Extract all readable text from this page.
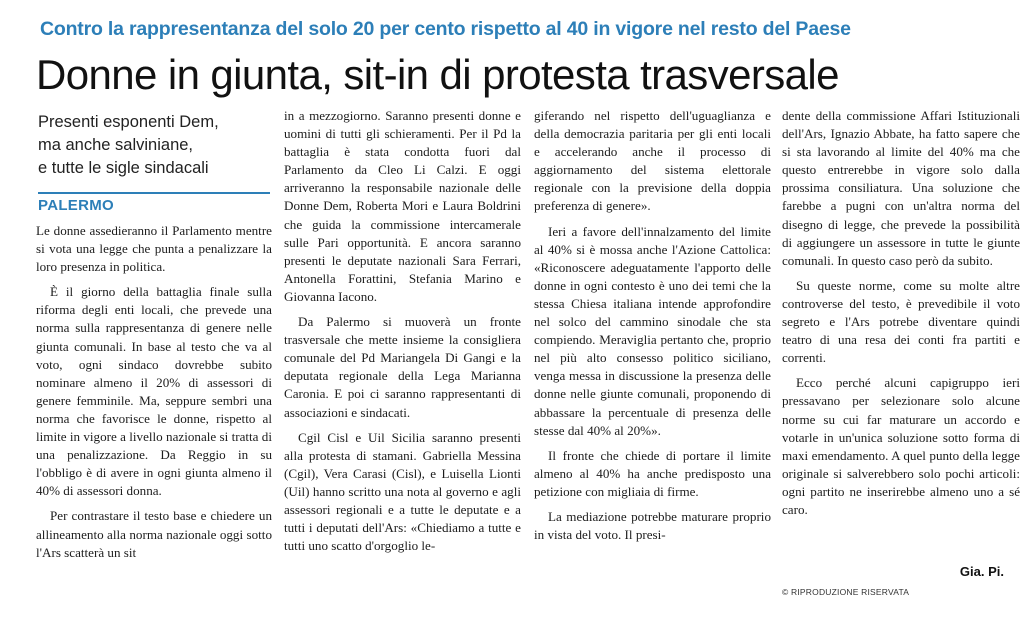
Contro la rappresentanza del solo 20 per cento rispetto al 40 in vigore nel resto del Paese
Donne in giunta, sit-in di protesta trasversale
Presenti esponenti Dem,
ma anche salviniane,
e tutte le sigle sindacali
PALERMO

Le donne assedieranno il Parlamento mentre si vota una legge che punta a penalizzare la loro presenza in politica.

È il giorno della battaglia finale sulla riforma degli enti locali, che prevede una norma sulla rappresentanza di genere nelle giunta comunali. In base al testo che va al voto, ogni sindaco dovrebbe subito nominare almeno il 20% di assessori di genere femminile. Ma, seppure sembri una norma che favorisce le donne, rispetto al limite in vigore a livello nazionale si tratta di una penalizzazione. Da Reggio in su l'obbligo è di avere in ogni giunta almeno il 40% di assessori donna.

Per contrastare il testo base e chiedere un allineamento alla norma nazionale oggi sotto l'Ars scatterà un sit

in a mezzogiorno. Saranno presenti donne e uomini di tutti gli schieramenti. Per il Pd la battaglia è stata condotta fuori dal Parlamento da Cleo Li Calzi. E oggi arriveranno la responsabile nazionale delle Donne Dem, Roberta Mori e Laura Boldrini che guida la commissione intercamerale sulle Pari opportunità. E ancora saranno presenti le deputate nazionali Sara Ferrari, Antonella Forattini, Stefania Marino e Giovanna Iacono.

Da Palermo si muoverà un fronte trasversale che mette insieme la consigliera comunale del Pd Mariangela Di Gangi e la deputata regionale della Lega Marianna Caronia. E poi ci saranno rappresentanti di associazioni e sindacati.

Cgil Cisl e Uil Sicilia saranno presenti alla protesta di stamani. Gabriella Messina (Cgil), Vera Carasi (Cisl), e Luisella Lionti (Uil) hanno scritto una nota al governo e agli assessori regionali e a tutte le deputate e a tutti i deputati dell'Ars: «Chiediamo a tutte e tutti uno scatto d'orgoglio le-

giferando nel rispetto dell'uguaglianza e della democrazia paritaria per gli enti locali e accelerando anche il processo di aggiornamento del sistema elettorale regionale con la previsione della doppia preferenza di genere».

Ieri a favore dell'innalzamento del limite al 40% si è mossa anche l'Azione Cattolica: «Riconoscere adeguatamente l'apporto delle donne in ogni contesto è uno dei temi che la stessa Chiesa italiana intende approfondire nel solco del cammino sinodale che sta compiendo. Meraviglia pertanto che, proprio nel più alto consesso politico siciliano, venga messa in discussione la presenza delle donne nelle giunte comunali, proponendo di abbassare la percentuale di presenza delle stesse dal 40% al 20%».

Il fronte che chiede di portare il limite almeno al 40% ha anche predisposto una petizione con migliaia di firme.

La mediazione potrebbe maturare proprio in vista del voto. Il presi-

dente della commissione Affari Istituzionali dell'Ars, Ignazio Abbate, ha fatto sapere che si sta lavorando al limite del 40% ma che questo entrerebbe in vigore solo dalla prossima consiliatura. Una soluzione che farebbe a pugni con un'altra norma del disegno di legge, che prevede la possibilità di aggiungere un assessore in tutte le giunte comunali. In questo caso però da subito.

Su queste norme, come su molte altre controverse del testo, è prevedibile il voto segreto e l'Ars potrebe diventare quindi teatro di una resa dei conti fra partiti e correnti.

Ecco perché alcuni capigruppo ieri pressavano per selezionare solo alcune norme su cui far maturare un accordo e votarle in un'unica soluzione sotto forma di maxi emendamento. A quel punto della legge originale si salverebbero solo pochi articoli: ogni partito ne inserirebbe almeno uno a sé caro.

Gia. Pi.
© RIPRODUZIONE RISERVATA
